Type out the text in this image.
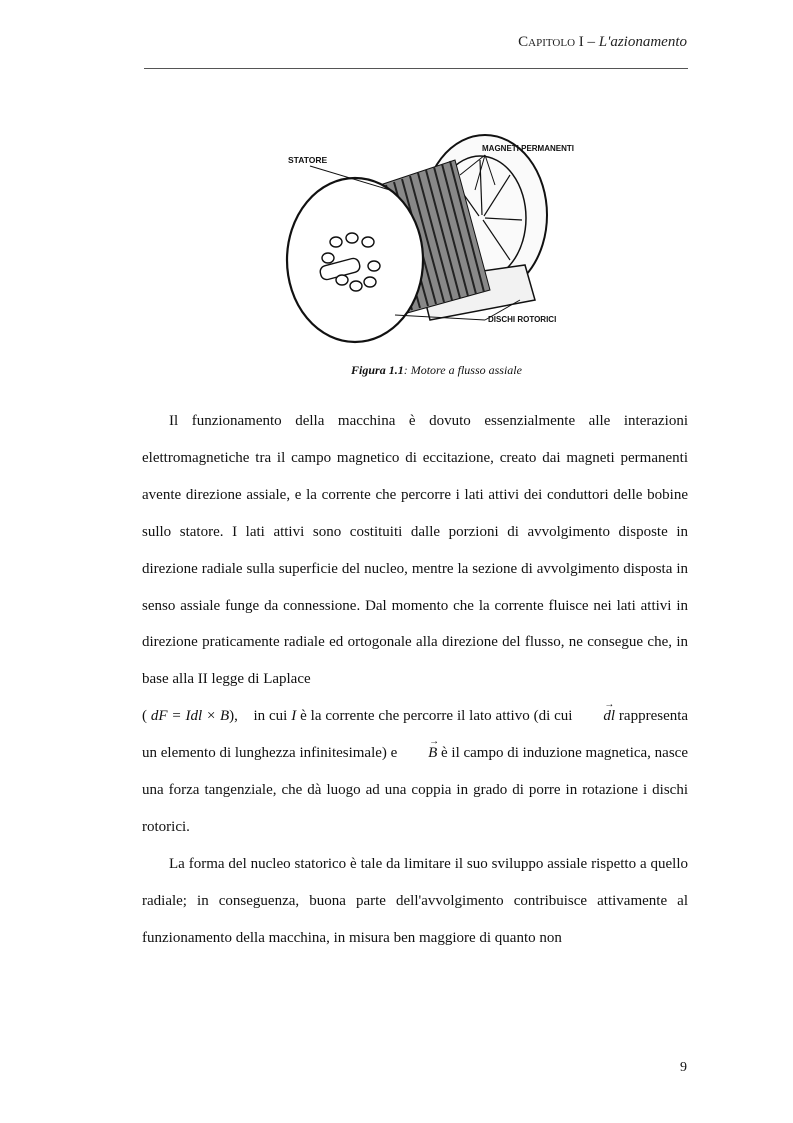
Capitolo I – L'azionamento
STATORE
MAGNETI PERMANENTI
DISCHI ROTORICI
Figura 1.1: Motore a flusso assiale

Il funzionamento della macchina è dovuto essenzialmente alle interazioni elettromagnetiche tra il campo magnetico di eccitazione, creato dai magneti permanenti avente direzione assiale, e la corrente che percorre i lati attivi dei conduttori delle bobine sullo statore. I lati attivi sono costituiti dalle porzioni di avvolgimento disposte in direzione radiale sulla superficie del nucleo, mentre la sezione di avvolgimento disposta in senso assiale funge da connessione. Dal momento che la corrente fluisce nei lati attivi in direzione praticamente radiale ed ortogonale alla direzione del flusso, ne consegue che, in base alla II legge di Laplace
( dF = Idl × B), in cui I è la corrente che percorre il lato attivo (di cui → dl rappresenta un elemento di lunghezza infinitesimale) e → B è il campo di induzione magnetica, nasce una forza tangenziale, che dà luogo ad una coppia in grado di porre in rotazione i dischi rotorici.

La forma del nucleo statorico è tale da limitare il suo sviluppo assiale rispetto a quello radiale; in conseguenza, buona parte dell'avvolgimento contribuisce attivamente al funzionamento della macchina, in misura ben maggiore di quanto non

9
